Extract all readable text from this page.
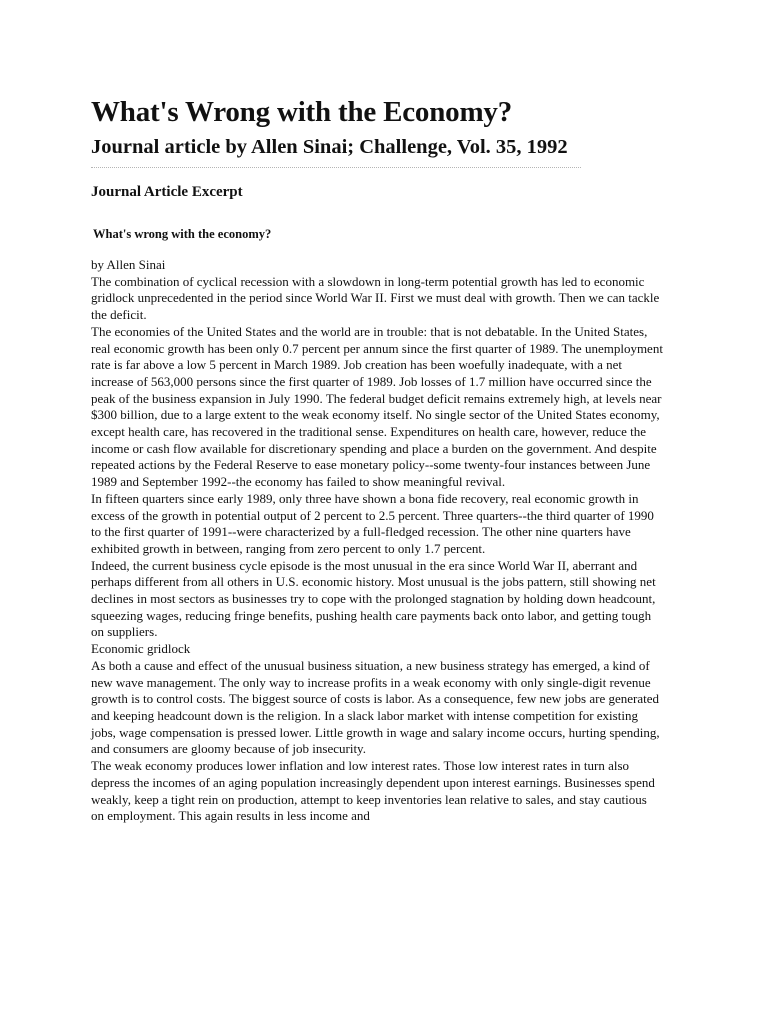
What's Wrong with the Economy?
Journal article by Allen Sinai; Challenge, Vol. 35, 1992
Journal Article Excerpt
What's wrong with the economy?
by Allen Sinai

The combination of cyclical recession with a slowdown in long-term potential growth has led to economic gridlock unprecedented in the period since World War II. First we must deal with growth. Then we can tackle the deficit.

The economies of the United States and the world are in trouble: that is not debatable. In the United States, real economic growth has been only 0.7 percent per annum since the first quarter of 1989. The unemployment rate is far above a low 5 percent in March 1989. Job creation has been woefully inadequate, with a net increase of 563,000 persons since the first quarter of 1989. Job losses of 1.7 million have occurred since the peak of the business expansion in July 1990. The federal budget deficit remains extremely high, at levels near $300 billion, due to a large extent to the weak economy itself. No single sector of the United States economy, except health care, has recovered in the traditional sense. Expenditures on health care, however, reduce the income or cash flow available for discretionary spending and place a burden on the government. And despite repeated actions by the Federal Reserve to ease monetary policy--some twenty-four instances between June 1989 and September 1992--the economy has failed to show meaningful revival.

In fifteen quarters since early 1989, only three have shown a bona fide recovery, real economic growth in excess of the growth in potential output of 2 percent to 2.5 percent. Three quarters--the third quarter of 1990 to the first quarter of 1991--were characterized by a full-fledged recession. The other nine quarters have exhibited growth in between, ranging from zero percent to only 1.7 percent.

Indeed, the current business cycle episode is the most unusual in the era since World War II, aberrant and perhaps different from all others in U.S. economic history. Most unusual is the jobs pattern, still showing net declines in most sectors as businesses try to cope with the prolonged stagnation by holding down headcount, squeezing wages, reducing fringe benefits, pushing health care payments back onto labor, and getting tough on suppliers.

Economic gridlock

As both a cause and effect of the unusual business situation, a new business strategy has emerged, a kind of new wave management. The only way to increase profits in a weak economy with only single-digit revenue growth is to control costs. The biggest source of costs is labor. As a consequence, few new jobs are generated and keeping headcount down is the religion. In a slack labor market with intense competition for existing jobs, wage compensation is pressed lower. Little growth in wage and salary income occurs, hurting spending, and consumers are gloomy because of job insecurity.

The weak economy produces lower inflation and low interest rates. Those low interest rates in turn also depress the incomes of an aging population increasingly dependent upon interest earnings. Businesses spend weakly, keep a tight rein on production, attempt to keep inventories lean relative to sales, and stay cautious on employment. This again results in less income and
